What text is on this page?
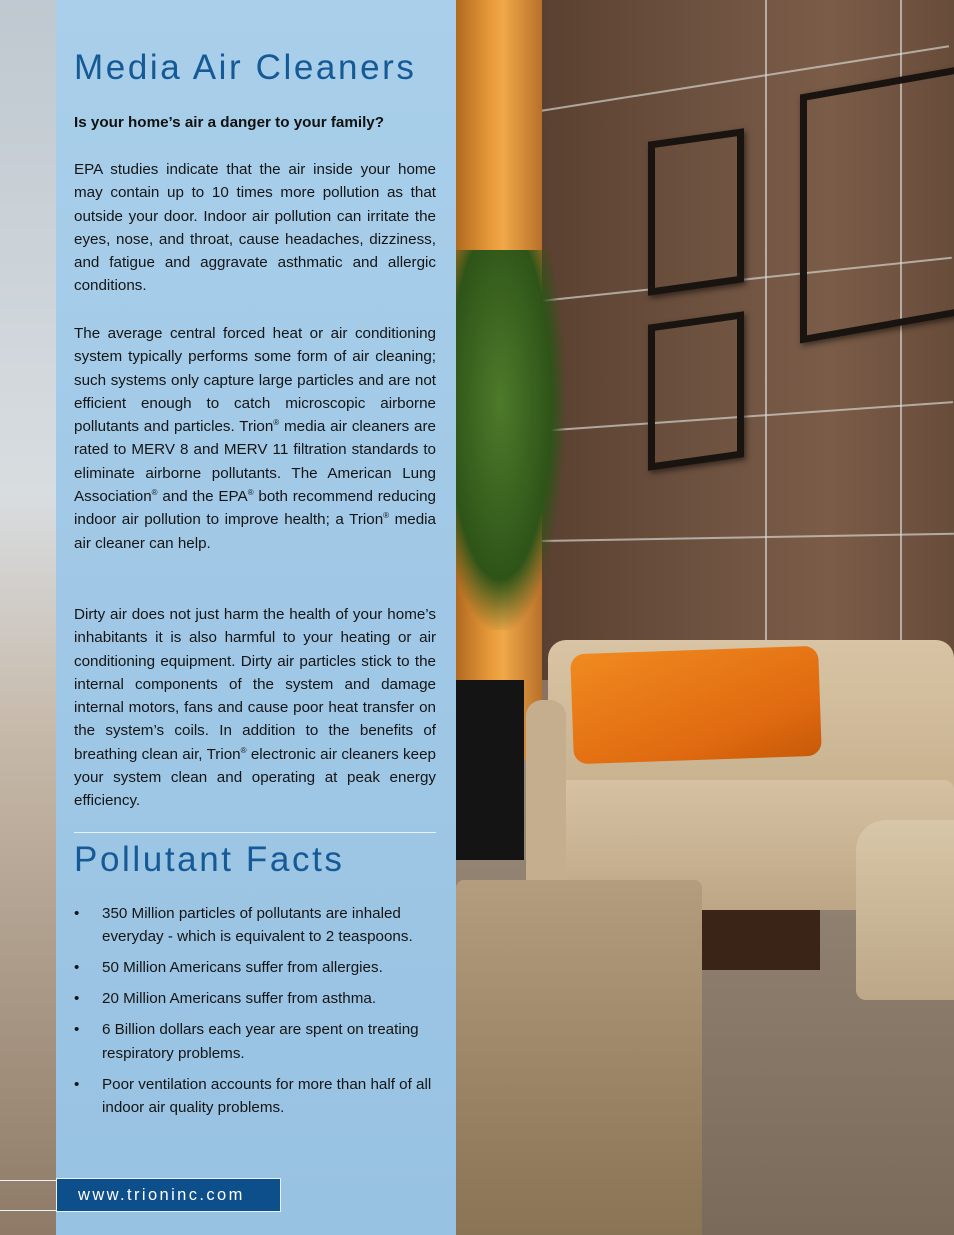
Media Air Cleaners

Is your home’s air a danger to your family?

EPA studies indicate that the air inside your home may contain up to 10 times more pollution as that outside your door. Indoor air pollution can irritate the eyes, nose, and throat, cause headaches, dizziness, and fatigue and aggravate asthmatic and allergic conditions.

The average central forced heat or air conditioning system typically performs some form of air cleaning; such systems only capture large particles and are not efficient enough to catch microscopic airborne pollutants and particles. Trion® media air cleaners are rated to MERV 8 and MERV 11 filtration standards to eliminate airborne pollutants. The American Lung Association® and the EPA® both recommend reducing indoor air pollution to improve health; a Trion® media air cleaner can help.

Dirty air does not just harm the health of your home’s inhabitants it is also harmful to your heating or air conditioning equipment. Dirty air particles stick to the internal components of the system and damage internal motors, fans and cause poor heat transfer on the system’s coils. In addition to the benefits of breathing clean air, Trion® electronic air cleaners keep your system clean and operating at peak energy efficiency.

Pollutant Facts
• 350 Million particles of pollutants are inhaled everyday - which is equivalent to 2 teaspoons.
• 50 Million Americans suffer from allergies.
• 20 Million Americans suffer from asthma.
• 6 Billion dollars each year are spent on treating respiratory problems.
• Poor ventilation accounts for more than half of all indoor air quality problems.
www.trioninc.com
